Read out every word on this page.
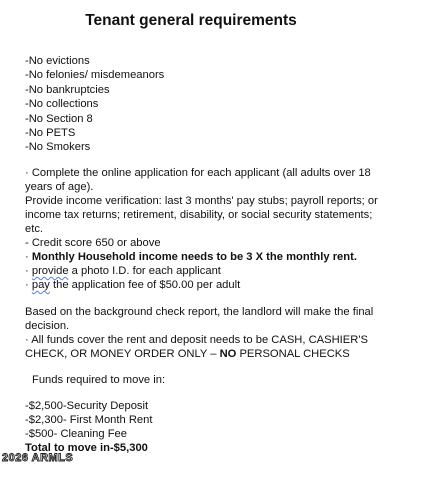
Tenant general requirements
-No evictions
-No felonies/ misdemeanors
-No bankruptcies
-No collections
-No Section 8
-No PETS
-No Smokers
· Complete the online application for each applicant (all adults over 18
years of age).
Provide income verification: last 3 months' pay stubs; payroll reports; or
income tax returns; retirement, disability, or social security statements;
etc.
- Credit score 650 or above
· Monthly Household income needs to be 3 X the monthly rent.
· provide a photo I.D. for each applicant
· pay the application fee of $50.00 per adult
Based on the background check report, the landlord will make the final
decision.
· All funds cover the rent and deposit needs to be CASH, CASHIER'S
CHECK, OR MONEY ORDER ONLY – NO PERSONAL CHECKS
Funds required to move in:
-$2,500-Security Deposit
-$2,300- First Month Rent
-$500- Cleaning Fee
Total to move in-$5,300
2026 ARMLS
